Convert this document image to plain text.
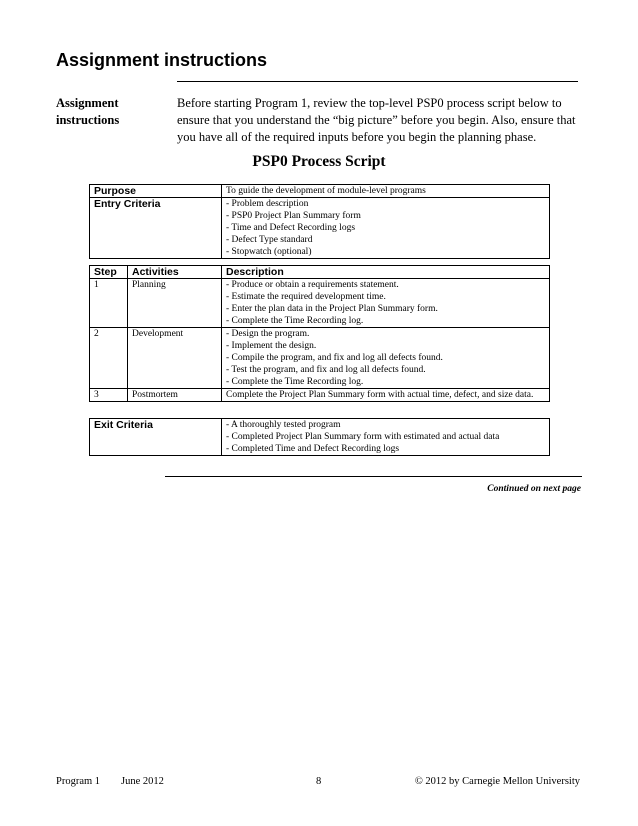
Assignment instructions
Assignment
instructions
Before starting Program 1, review the top-level PSP0 process script below to ensure that you understand the “big picture” before you begin. Also, ensure that you have all of the required inputs before you begin the planning phase.
PSP0 Process Script
Purpose	To guide the development of module-level programs
Entry Criteria	- Problem description
- PSP0 Project Plan Summary form
- Time and Defect Recording logs
- Defect Type standard
- Stopwatch (optional)
Step	Activities	Description
1	Planning	- Produce or obtain a requirements statement.
- Estimate the required development time.
- Enter the plan data in the Project Plan Summary form.
- Complete the Time Recording log.

2	Development	- Design the program.
- Implement the design.
- Compile the program, and fix and log all defects found.
- Test the program, and fix and log all defects found.
- Complete the Time Recording log.

3	Postmortem	Complete the Project Plan Summary form with actual time, defect, and size data.
Exit Criteria	- A thoroughly tested program
- Completed Project Plan Summary form with estimated and actual data
- Completed Time and Defect Recording logs
Continued on next page
Program 1 June 2012	8	© 2012 by Carnegie Mellon University
